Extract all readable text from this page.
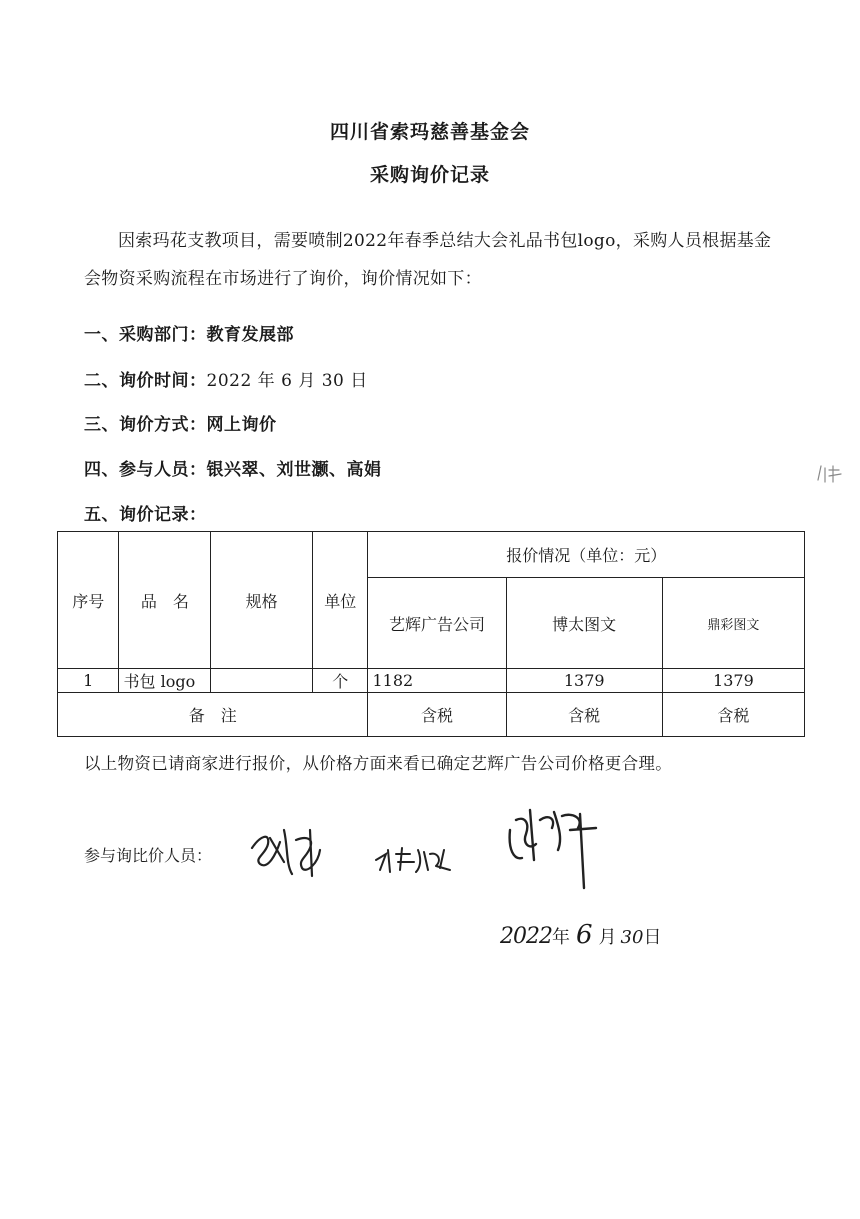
四川省索玛慈善基金会
采购询价记录
因索玛花支教项目，需要喷制2022年春季总结大会礼品书包logo，采购人员根据基金会物资采购流程在市场进行了询价，询价情况如下：
一、采购部门：教育发展部
二、询价时间：2022 年 6 月 30 日
三、询价方式：网上询价
四、参与人员：银兴翠、刘世灏、高娟
五、询价记录：
序号	品　名	规格	单位	报价情况（单位：元）		
				艺辉广告公司	博太图文	鼎彩图文
1	书包 logo		个	1182	1379	1379
备　注				含税	含税	含税
以上物资已请商家进行报价，从价格方面来看已确定艺辉广告公司价格更合理。
参与询比价人员：
2022年 6 月 30日
